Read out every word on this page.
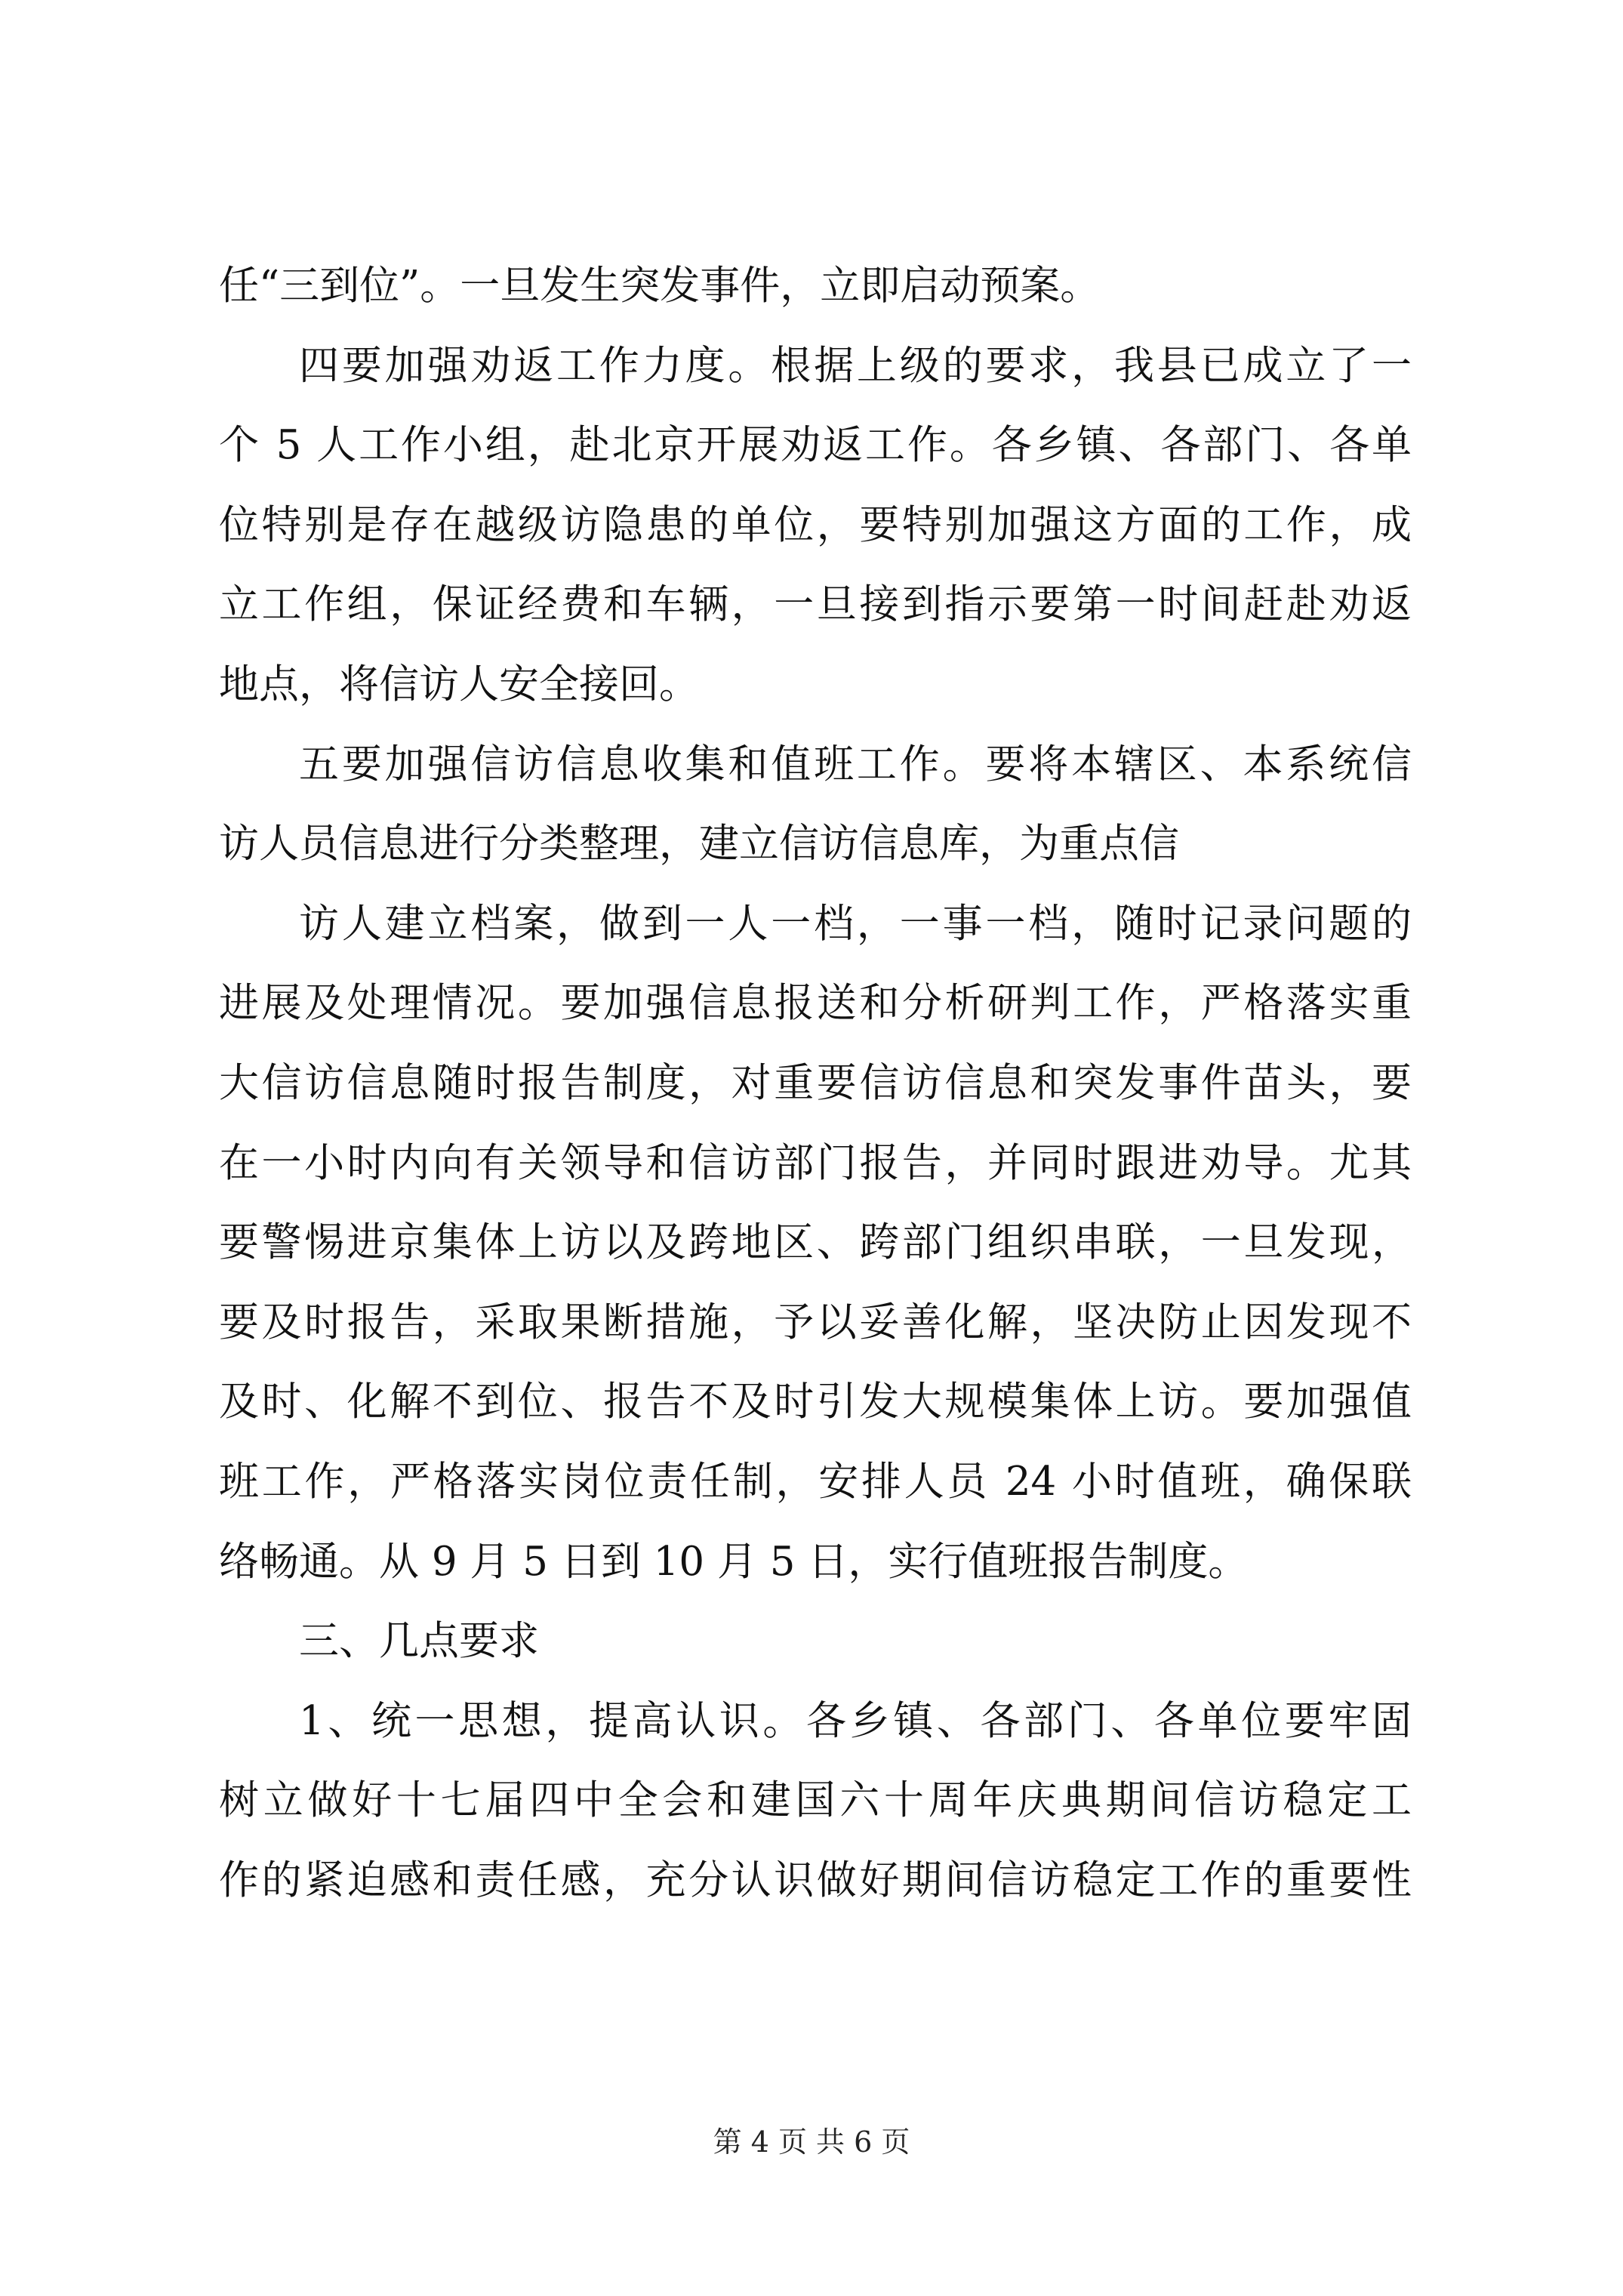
任“三到位”。一旦发生突发事件，立即启动预案。
四要加强劝返工作力度。根据上级的要求，我县已成立了一
个 5 人工作小组，赴北京开展劝返工作。各乡镇、各部门、各单
位特别是存在越级访隐患的单位，要特别加强这方面的工作，成
立工作组，保证经费和车辆，一旦接到指示要第一时间赶赴劝返
地点，将信访人安全接回。
五要加强信访信息收集和值班工作。要将本辖区、本系统信
访人员信息进行分类整理，建立信访信息库，为重点信
访人建立档案，做到一人一档，一事一档，随时记录问题的
进展及处理情况。要加强信息报送和分析研判工作，严格落实重
大信访信息随时报告制度，对重要信访信息和突发事件苗头，要
在一小时内向有关领导和信访部门报告，并同时跟进劝导。尤其
要警惕进京集体上访以及跨地区、跨部门组织串联，一旦发现，
要及时报告，采取果断措施，予以妥善化解，坚决防止因发现不
及时、化解不到位、报告不及时引发大规模集体上访。要加强值
班工作，严格落实岗位责任制，安排人员 24 小时值班，确保联
络畅通。从 9 月 5 日到 10 月 5 日，实行值班报告制度。
三、几点要求
1、统一思想，提高认识。各乡镇、各部门、各单位要牢固
树立做好十七届四中全会和建国六十周年庆典期间信访稳定工
作的紧迫感和责任感，充分认识做好期间信访稳定工作的重要性
第 4 页 共 6 页
